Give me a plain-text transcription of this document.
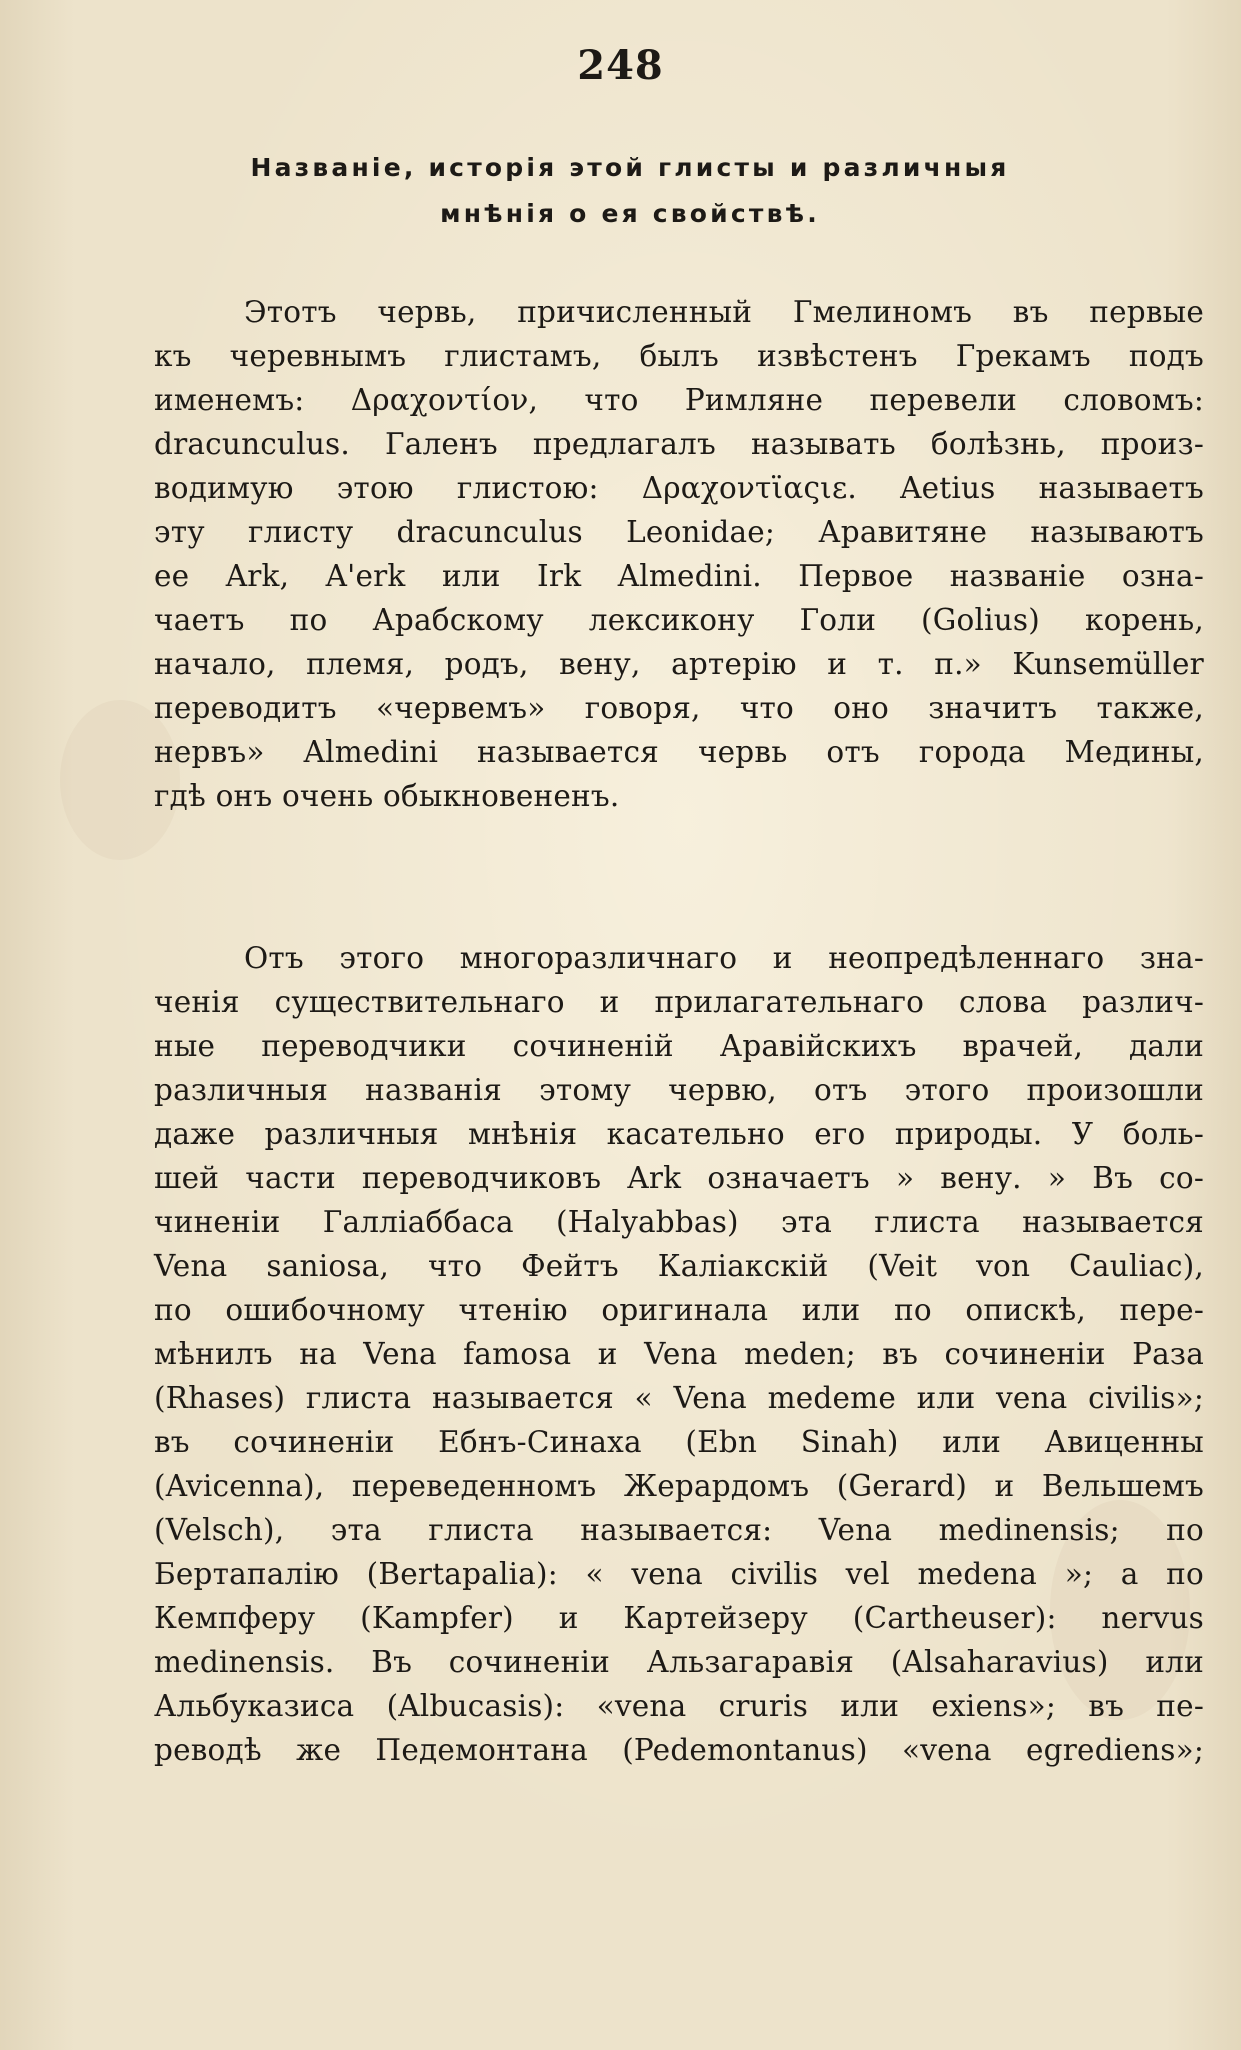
248
Названіе, исторія этой глисты и различныя
мнѣнія о ея свойствѣ.
Этотъ червь, причисленный Гмелиномъ въ первые
къ черевнымъ глистамъ, былъ извѣстенъ Грекамъ подъ
именемъ: Δραχοντίον, что Римляне перевели словомъ:
dracunculus. Галенъ предлагалъ называть болѣзнь, произ-
водимую этою глистою: Δραχοντϊαςιε. Aetius называетъ
эту глисту dracunculus Leonidae; Аравитяне называютъ
ее Ark, A'erk или Irk Almedini. Первое названіе озна-
чаетъ по Арабскому лексикону Голи (Golius) корень,
начало, племя, родъ, вену, артерію и т. п.» Kunsemüller
переводитъ «червемъ» говоря, что оно значитъ также,
нервъ» Almedini называется червь отъ города Медины,
гдѣ онъ очень обыкновененъ.
Отъ этого многоразличнаго и неопредѣленнаго зна-
ченія существительнаго и прилагательнаго слова различ-
ные переводчики сочиненій Аравійскихъ врачей, дали
различныя названія этому червю, отъ этого произошли
даже различныя мнѣнія касательно его природы. У боль-
шей части переводчиковъ Ark означаетъ » вену. » Въ со-
чиненіи Галліаббаса (Halyabbas) эта глиста называется
Vena saniosa, что Фейтъ Каліакскій (Veit von Cauliac),
по ошибочному чтенію оригинала или по опискѣ, пере-
мѣнилъ на Vena famosa и Vena meden; въ сочиненіи Раза
(Rhases) глиста называется « Vena medeme или vena civilis»;
въ сочиненіи Ебнъ-Синаха (Ebn Sinah) или Авиценны
(Avicenna), переведенномъ Жерардомъ (Gerard) и Вельшемъ
(Velsch), эта глиста называется: Vena medinensis; по
Бертапалію (Bertapalia): « vena civilis vel medena »; а по
Кемпферу (Kampfer) и Картейзеру (Cartheuser): nervus
medinensis. Въ сочиненіи Альзагаравія (Alsaharavius) или
Альбуказиса (Albucasis): «vena cruris или exiens»; въ пе-
реводѣ же Педемонтана (Pedemontanus) «vena egrediens»;
